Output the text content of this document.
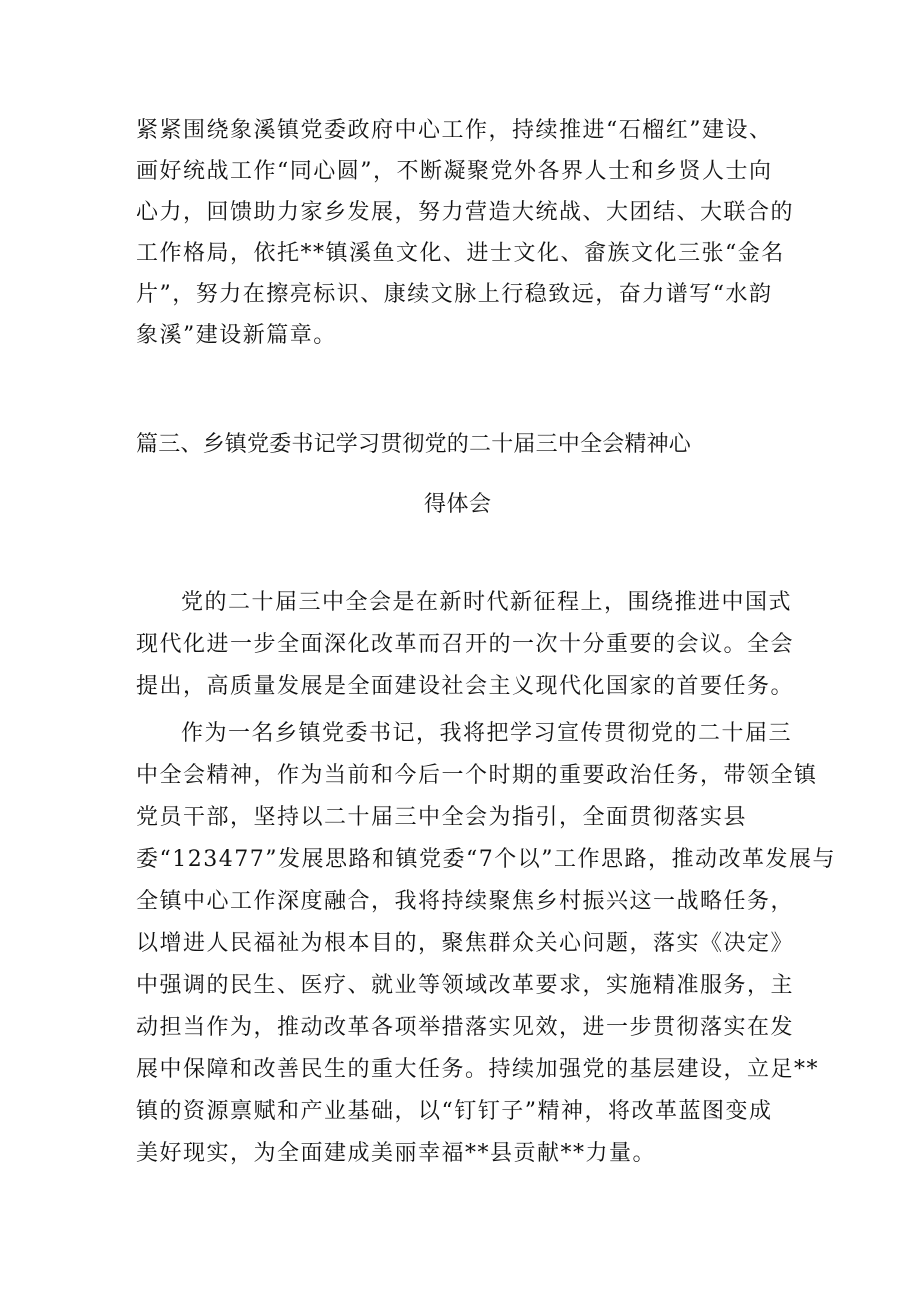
紧紧围绕象溪镇党委政府中心工作，持续推进“石榴红”建设、
画好统战工作“同心圆”，不断凝聚党外各界人士和乡贤人士向
心力，回馈助力家乡发展，努力营造大统战、大团结、大联合的
工作格局，依托**镇溪鱼文化、进士文化、畲族文化三张“金名
片”，努力在擦亮标识、康续文脉上行稳致远，奋力谱写“水韵
象溪”建设新篇章。
篇三、乡镇党委书记学习贯彻党的二十届三中全会精神心
得体会
党的二十届三中全会是在新时代新征程上，围绕推进中国式
现代化进一步全面深化改革而召开的一次十分重要的会议。全会
提出，高质量发展是全面建设社会主义现代化国家的首要任务。
作为一名乡镇党委书记，我将把学习宣传贯彻党的二十届三
中全会精神，作为当前和今后一个时期的重要政治任务，带领全镇
党员干部，坚持以二十届三中全会为指引，全面贯彻落实县
委“123477”发展思路和镇党委“7个以”工作思路，推动改革发展与
全镇中心工作深度融合，我将持续聚焦乡村振兴这一战略任务，
以增进人民福祉为根本目的，聚焦群众关心问题，落实《决定》
中强调的民生、医疗、就业等领域改革要求，实施精准服务，主
动担当作为，推动改革各项举措落实见效，进一步贯彻落实在发
展中保障和改善民生的重大任务。持续加强党的基层建设，立足**
镇的资源禀赋和产业基础，以“钉钉子”精神，将改革蓝图变成
美好现实，为全面建成美丽幸福**县贡献**力量。
